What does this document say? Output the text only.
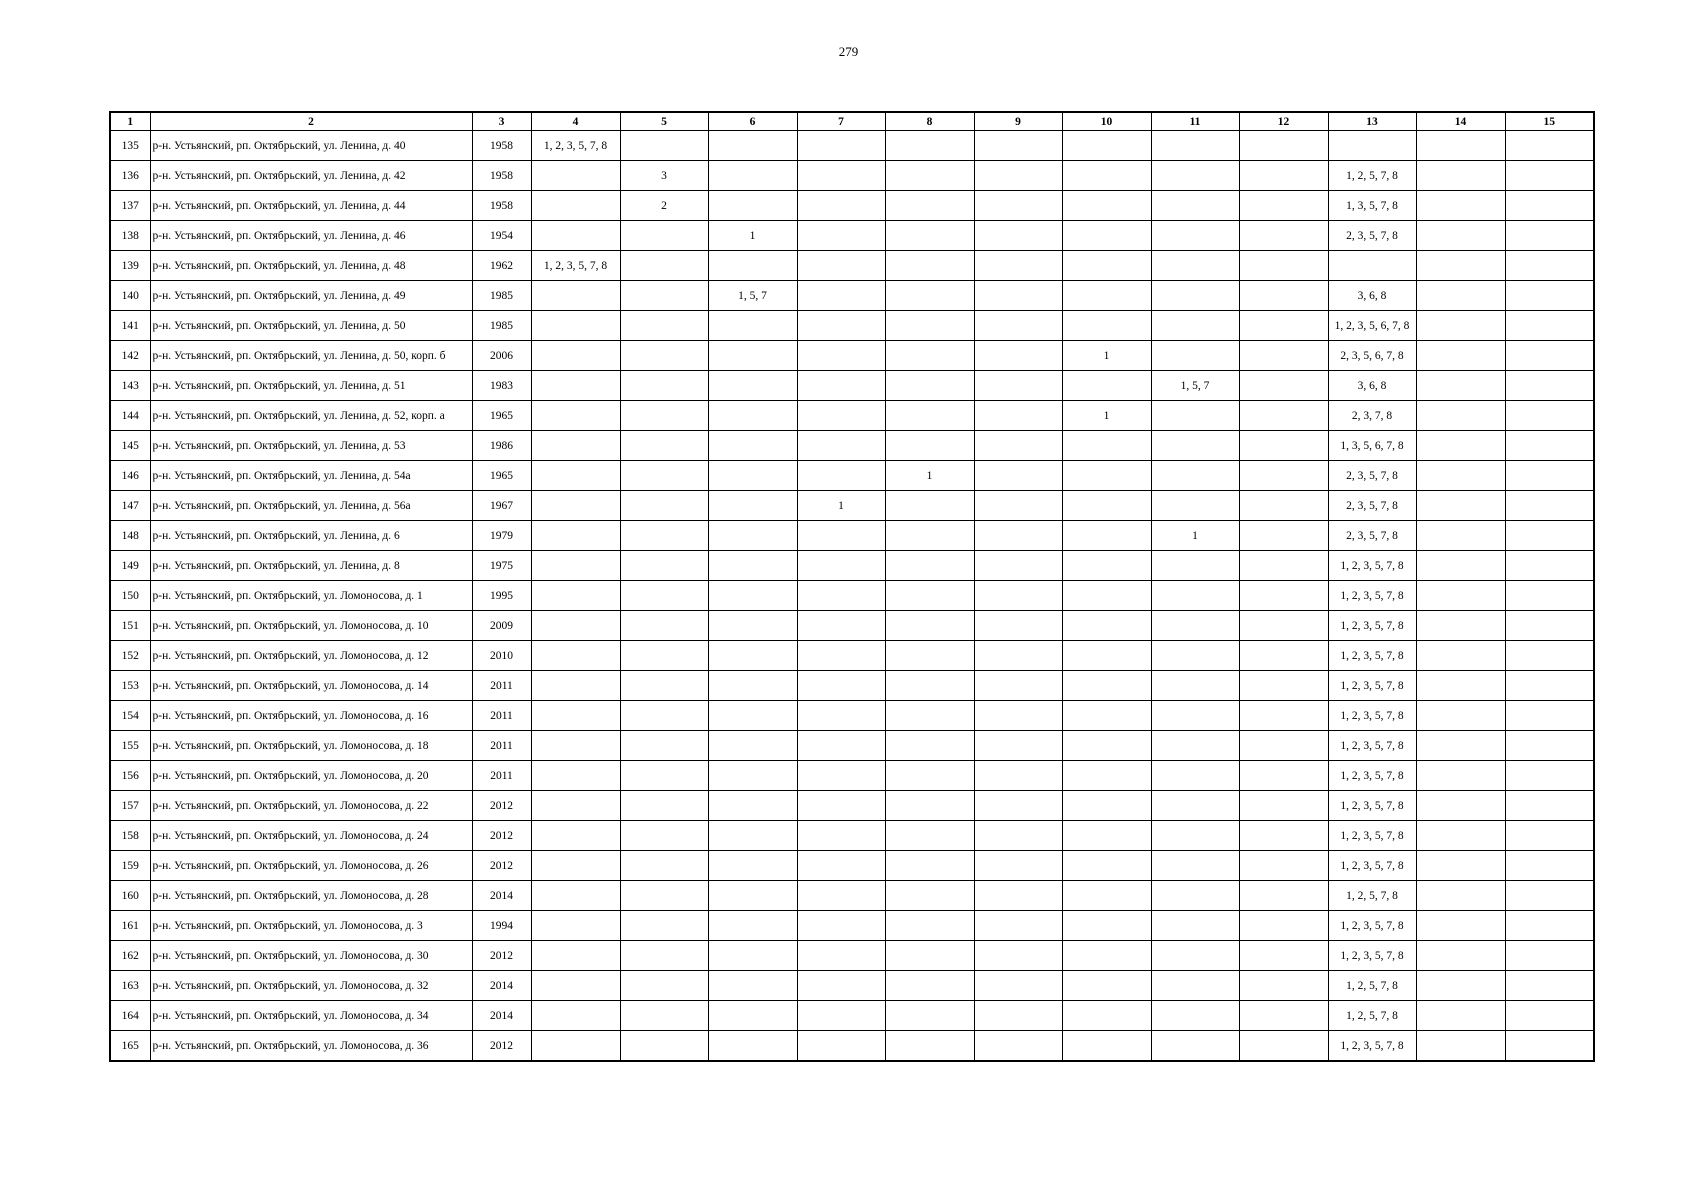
279
1	2	3	4	5	6	7	8	9	10	11	12	13	14	15
135	р-н. Устьянский, рп. Октябрьский, ул. Ленина, д. 40	1958	1, 2, 3, 5, 7, 8											
136	р-н. Устьянский, рп. Октябрьский, ул. Ленина, д. 42	1958		3								1, 2, 5, 7, 8		
137	р-н. Устьянский, рп. Октябрьский, ул. Ленина, д. 44	1958		2								1, 3, 5, 7, 8		
138	р-н. Устьянский, рп. Октябрьский, ул. Ленина, д. 46	1954			1							2, 3, 5, 7, 8		
139	р-н. Устьянский, рп. Октябрьский, ул. Ленина, д. 48	1962	1, 2, 3, 5, 7, 8											
140	р-н. Устьянский, рп. Октябрьский, ул. Ленина, д. 49	1985			1, 5, 7							3, 6, 8		
141	р-н. Устьянский, рп. Октябрьский, ул. Ленина, д. 50	1985										1, 2, 3, 5, 6, 7, 8		
142	р-н. Устьянский, рп. Октябрьский, ул. Ленина, д. 50, корп. б	2006							1			2, 3, 5, 6, 7, 8		
143	р-н. Устьянский, рп. Октябрьский, ул. Ленина, д. 51	1983								1, 5, 7		3, 6, 8		
144	р-н. Устьянский, рп. Октябрьский, ул. Ленина, д. 52, корп. а	1965							1			2, 3, 7, 8		
145	р-н. Устьянский, рп. Октябрьский, ул. Ленина, д. 53	1986										1, 3, 5, 6, 7, 8		
146	р-н. Устьянский, рп. Октябрьский, ул. Ленина, д. 54а	1965					1					2, 3, 5, 7, 8		
147	р-н. Устьянский, рп. Октябрьский, ул. Ленина, д. 56а	1967				1						2, 3, 5, 7, 8		
148	р-н. Устьянский, рп. Октябрьский, ул. Ленина, д. 6	1979								1		2, 3, 5, 7, 8		
149	р-н. Устьянский, рп. Октябрьский, ул. Ленина, д. 8	1975										1, 2, 3, 5, 7, 8		
150	р-н. Устьянский, рп. Октябрьский, ул. Ломоносова, д. 1	1995										1, 2, 3, 5, 7, 8		
151	р-н. Устьянский, рп. Октябрьский, ул. Ломоносова, д. 10	2009										1, 2, 3, 5, 7, 8		
152	р-н. Устьянский, рп. Октябрьский, ул. Ломоносова, д. 12	2010										1, 2, 3, 5, 7, 8		
153	р-н. Устьянский, рп. Октябрьский, ул. Ломоносова, д. 14	2011										1, 2, 3, 5, 7, 8		
154	р-н. Устьянский, рп. Октябрьский, ул. Ломоносова, д. 16	2011										1, 2, 3, 5, 7, 8		
155	р-н. Устьянский, рп. Октябрьский, ул. Ломоносова, д. 18	2011										1, 2, 3, 5, 7, 8		
156	р-н. Устьянский, рп. Октябрьский, ул. Ломоносова, д. 20	2011										1, 2, 3, 5, 7, 8		
157	р-н. Устьянский, рп. Октябрьский, ул. Ломоносова, д. 22	2012										1, 2, 3, 5, 7, 8		
158	р-н. Устьянский, рп. Октябрьский, ул. Ломоносова, д. 24	2012										1, 2, 3, 5, 7, 8		
159	р-н. Устьянский, рп. Октябрьский, ул. Ломоносова, д. 26	2012										1, 2, 3, 5, 7, 8		
160	р-н. Устьянский, рп. Октябрьский, ул. Ломоносова, д. 28	2014										1, 2, 5, 7, 8		
161	р-н. Устьянский, рп. Октябрьский, ул. Ломоносова, д. 3	1994										1, 2, 3, 5, 7, 8		
162	р-н. Устьянский, рп. Октябрьский, ул. Ломоносова, д. 30	2012										1, 2, 3, 5, 7, 8		
163	р-н. Устьянский, рп. Октябрьский, ул. Ломоносова, д. 32	2014										1, 2, 5, 7, 8		
164	р-н. Устьянский, рп. Октябрьский, ул. Ломоносова, д. 34	2014										1, 2, 5, 7, 8		
165	р-н. Устьянский, рп. Октябрьский, ул. Ломоносова, д. 36	2012										1, 2, 3, 5, 7, 8		
